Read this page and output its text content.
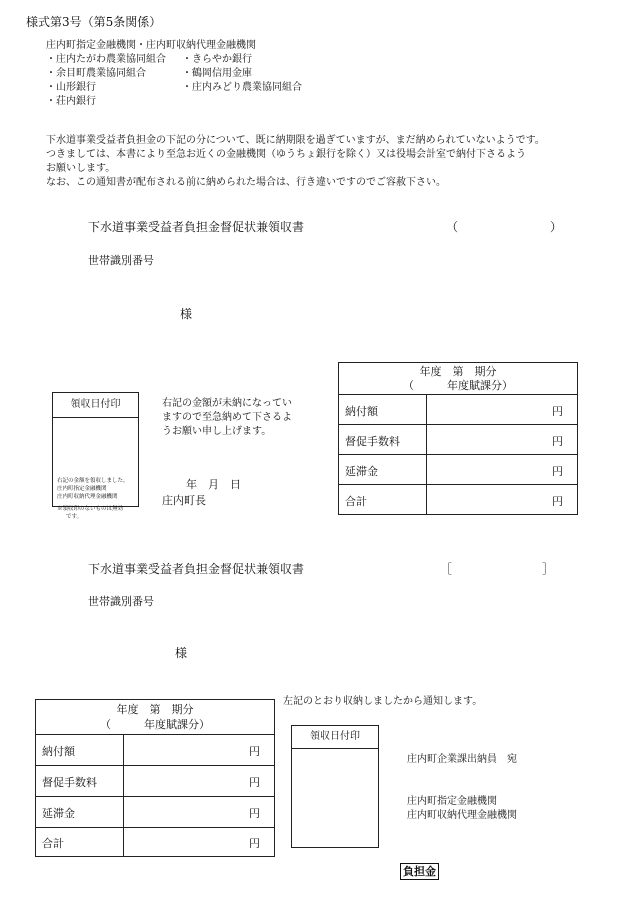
様式第3号（第5条関係）
庄内町指定金融機関・庄内町収納代理金融機関
・庄内たがわ農業協同組合
・余目町農業協同組合
・山形銀行
・荘内銀行
・きらやか銀行
・鶴岡信用金庫
・庄内みどり農業協同組合
下水道事業受益者負担金の下記の分について、既に納期限を過ぎていますが、まだ納められていないようです。
つきましては、本書により至急お近くの金融機関（ゆうちょ銀行を除く）又は役場会計室で納付下さるよう
お願いします。
なお、この通知書が配布される前に納められた場合は、行き違いですのでご容赦下さい。
下水道事業受益者負担金督促状兼領収書	（	）
世帯識別番号
様
領収日付印
右記の金額を領収しました。
庄内町指定金融機関
庄内町収納代理金融機関
※領収印のないものは無効
です。
右記の金額が未納になってい
ますので至急納めて下さるよ
うお願い申し上げます。
年　月　日
庄内町長
年度　第　期分
（　　　年度賦課分）
納付額	円
督促手数料	円
延滞金	円
合計	円
下水道事業受益者負担金督促状兼領収書	［	］
世帯識別番号
様
年度　第　期分
（　　　年度賦課分）
納付額	円
督促手数料	円
延滞金	円
合計	円
左記のとおり収納しましたから通知します。
領収日付印
庄内町企業課出納員　宛
庄内町指定金融機関
庄内町収納代理金融機関
負担金
